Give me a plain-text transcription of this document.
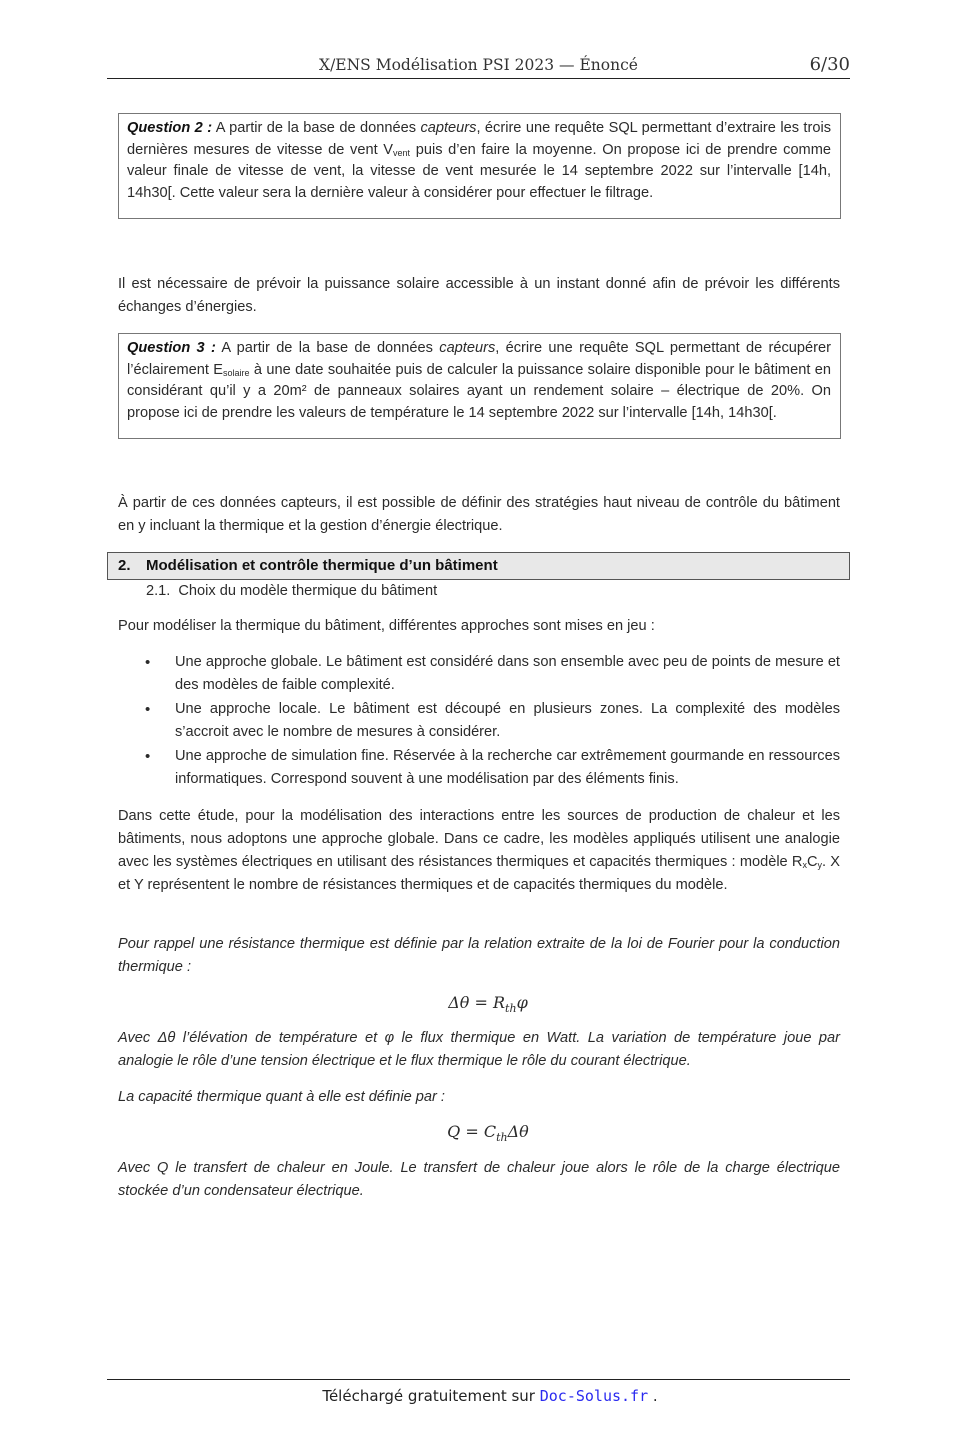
X/ENS Modélisation PSI 2023 — Énoncé	6/30
Question 2 : A partir de la base de données capteurs, écrire une requête SQL permettant d’extraire les trois dernières mesures de vitesse de vent $V_{vent}$ puis d’en faire la moyenne. On propose ici de prendre comme valeur finale de vitesse de vent, la vitesse de vent mesurée le 14 septembre 2022 sur l’intervalle [14h, 14h30[. Cette valeur sera la dernière valeur à considérer pour effectuer le filtrage.
Il est nécessaire de prévoir la puissance solaire accessible à un instant donné afin de prévoir les différents échanges d’énergies.
Question 3 : A partir de la base de données capteurs, écrire une requête SQL permettant de récupérer l’éclairement $E_{solaire}$ à une date souhaitée puis de calculer la puissance solaire disponible pour le bâtiment en considérant qu’il y a 20m² de panneaux solaires ayant un rendement solaire – électrique de 20%. On propose ici de prendre les valeurs de température le 14 septembre 2022 sur l’intervalle [14h, 14h30[.
À partir de ces données capteurs, il est possible de définir des stratégies haut niveau de contrôle du bâtiment en y incluant la thermique et la gestion d’énergie électrique.
2. Modélisation et contrôle thermique d’un bâtiment
2.1. Choix du modèle thermique du bâtiment
Pour modéliser la thermique du bâtiment, différentes approches sont mises en jeu :
• Une approche globale. Le bâtiment est considéré dans son ensemble avec peu de points de mesure et des modèles de faible complexité.
• Une approche locale. Le bâtiment est découpé en plusieurs zones. La complexité des modèles s’accroit avec le nombre de mesures à considérer.
• Une approche de simulation fine. Réservée à la recherche car extrêmement gourmande en ressources informatiques. Correspond souvent à une modélisation par des éléments finis.
Dans cette étude, pour la modélisation des interactions entre les sources de production de chaleur et les bâtiments, nous adoptons une approche globale. Dans ce cadre, les modèles appliqués utilisent une analogie avec les systèmes électriques en utilisant des résistances thermiques et capacités thermiques : modèle $R_xC_y$. X et Y représentent le nombre de résistances thermiques et de capacités thermiques du modèle.
Pour rappel une résistance thermique est définie par la relation extraite de la loi de Fourier pour la conduction thermique :
$\Delta\theta = R_{th}\varphi$
Avec Δθ l’élévation de température et φ le flux thermique en Watt. La variation de température joue par analogie le rôle d’une tension électrique et le flux thermique le rôle du courant électrique.
La capacité thermique quant à elle est définie par :
$Q = C_{th}\Delta\theta$
Avec Q le transfert de chaleur en Joule. Le transfert de chaleur joue alors le rôle de la charge électrique stockée d’un condensateur électrique.
Téléchargé gratuitement sur Doc-Solus.fr .
